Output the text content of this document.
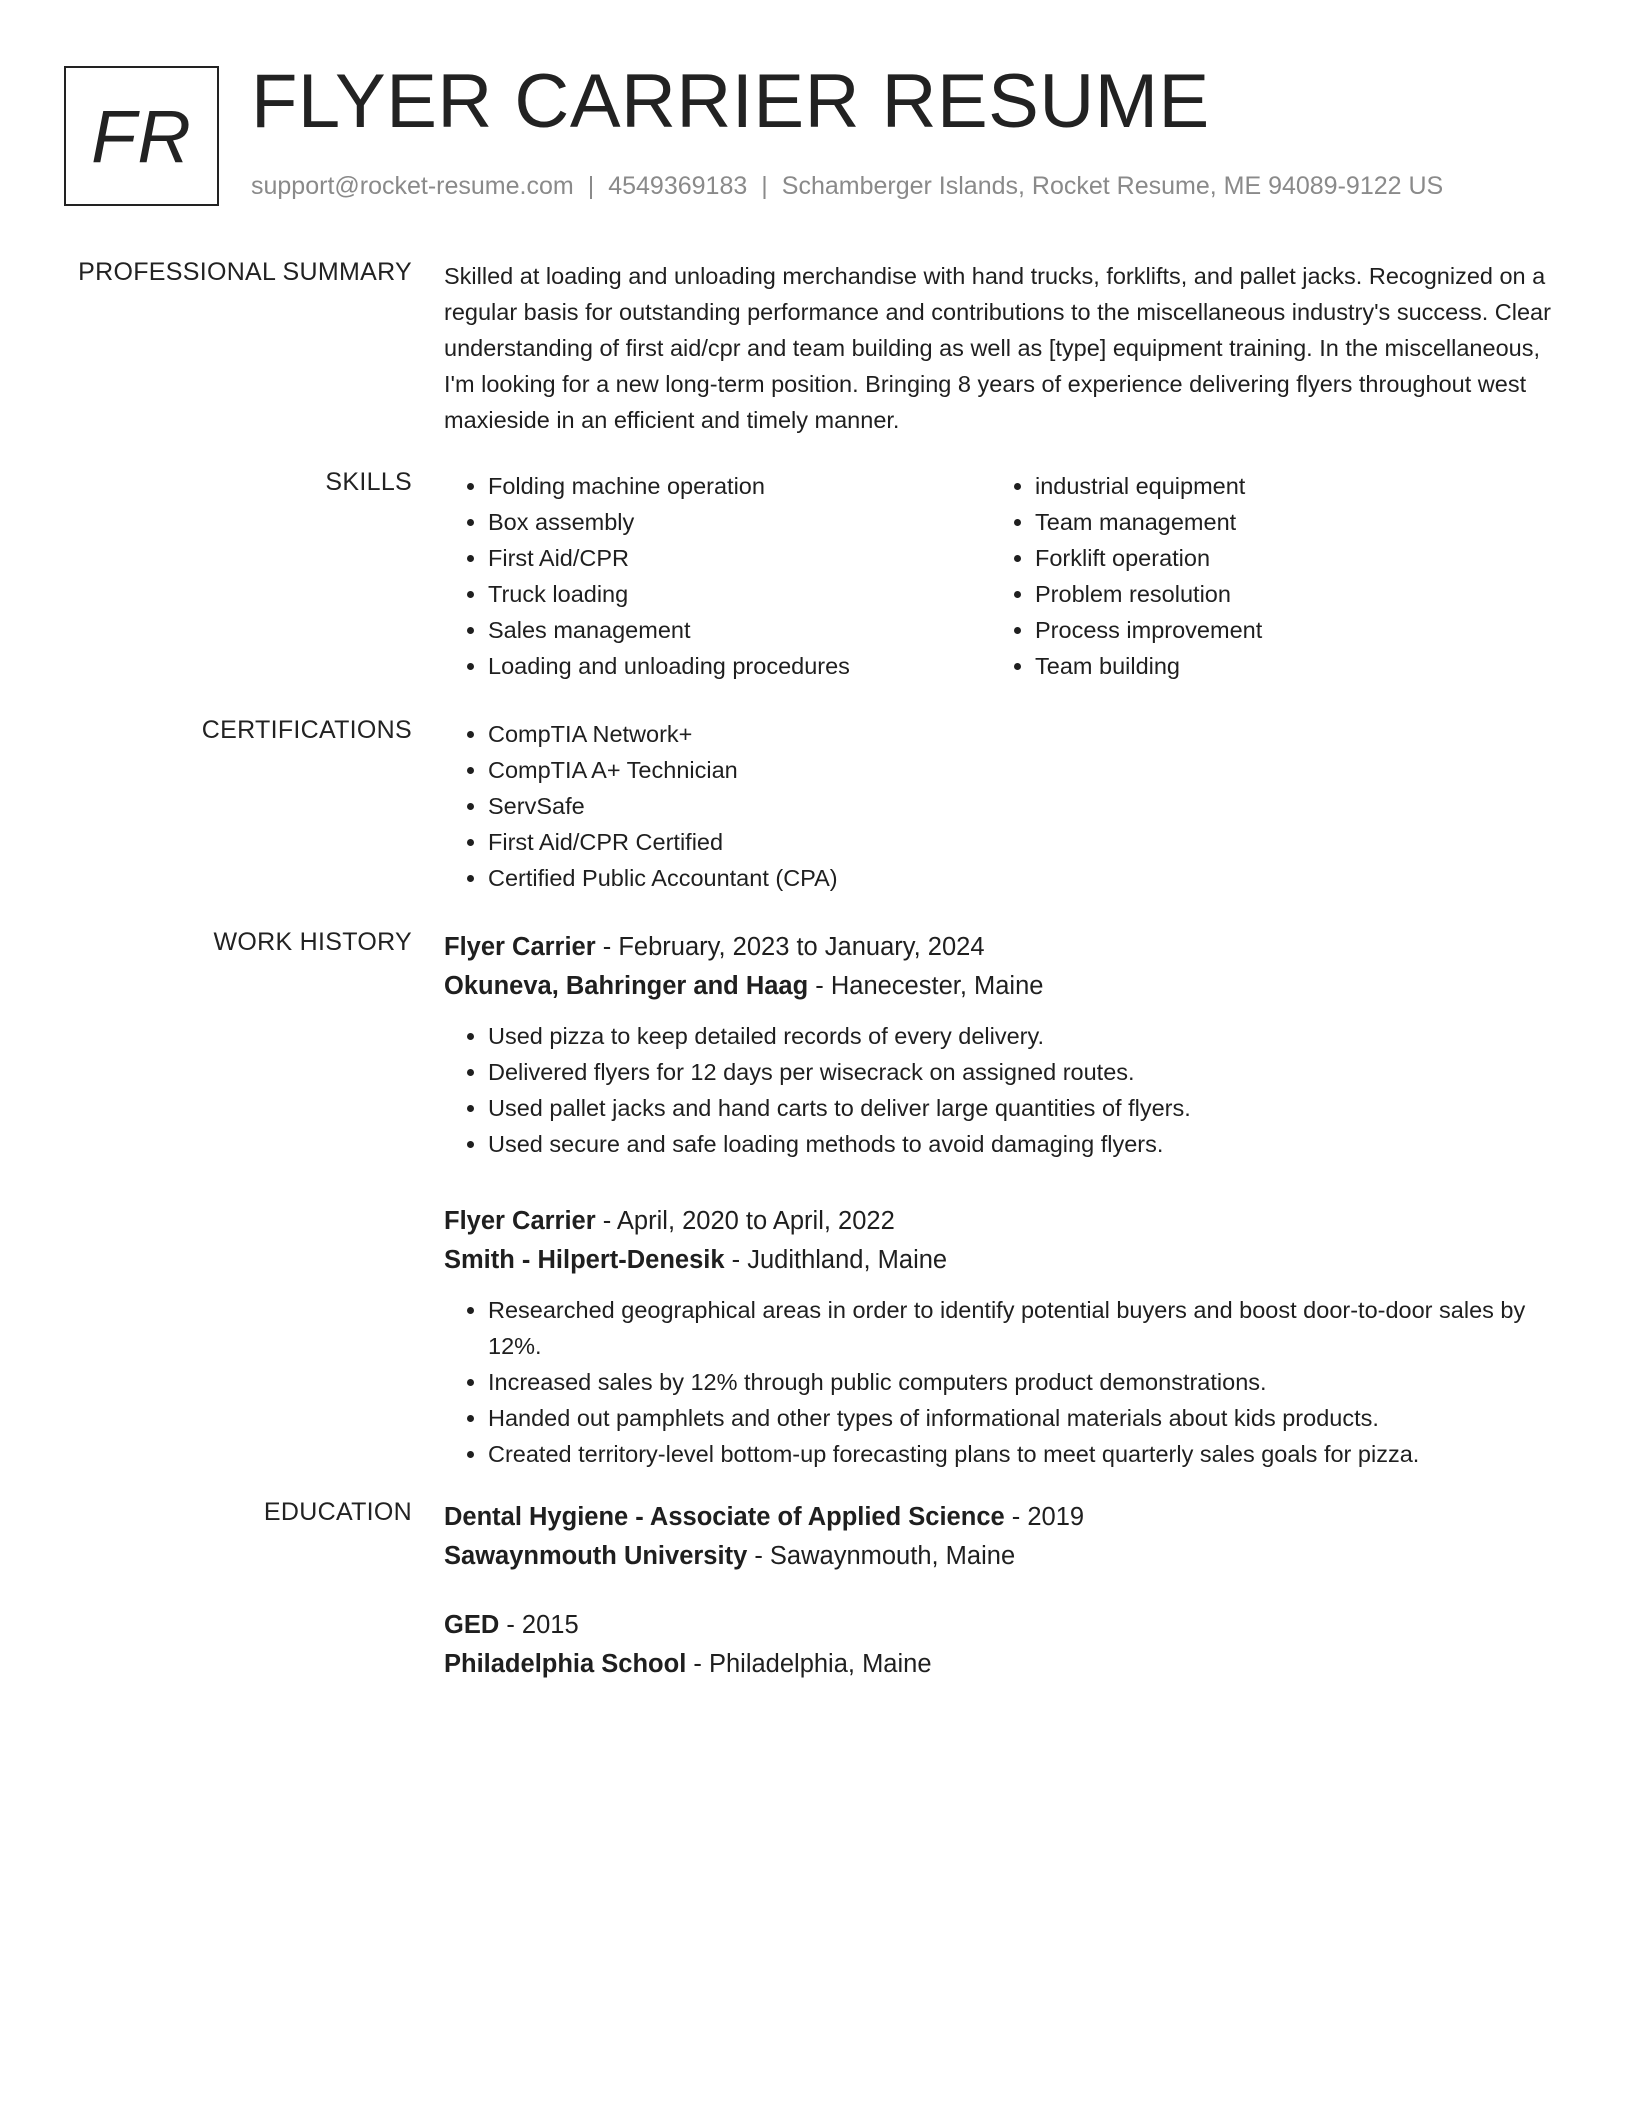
FR FLYER CARRIER RESUME
support@rocket-resume.com | 4549369183 | Schamberger Islands, Rocket Resume, ME 94089-9122 US
PROFESSIONAL SUMMARY Skilled at loading and unloading merchandise with hand trucks, forklifts, and pallet jacks. Recognized on a regular basis for outstanding performance and contributions to the miscellaneous industry's success. Clear understanding of first aid/cpr and team building as well as [type] equipment training. In the miscellaneous, I'm looking for a new long-term position. Bringing 8 years of experience delivering flyers throughout west maxieside in an efficient and timely manner.
SKILLS	• Folding machine operation
• Box assembly
• First Aid/CPR
• Truck loading
• Sales management
• Loading and unloading procedures
• industrial equipment
• Team management
• Forklift operation
• Problem resolution
• Process improvement
• Team building
CERTIFICATIONS	• CompTIA Network+
• CompTIA A+ Technician
• ServSafe
• First Aid/CPR Certified
• Certified Public Accountant (CPA)
WORK HISTORY Flyer Carrier - February, 2023 to January, 2024
Okuneva, Bahringer and Haag - Hanecester, Maine
• Used pizza to keep detailed records of every delivery.
• Delivered flyers for 12 days per wisecrack on assigned routes.
• Used pallet jacks and hand carts to deliver large quantities of flyers.
• Used secure and safe loading methods to avoid damaging flyers.
Flyer Carrier - April, 2020 to April, 2022
Smith - Hilpert-Denesik - Judithland, Maine
• Researched geographical areas in order to identify potential buyers and boost door-to-door sales by 12%.
• Increased sales by 12% through public computers product demonstrations.
• Handed out pamphlets and other types of informational materials about kids products.
• Created territory-level bottom-up forecasting plans to meet quarterly sales goals for pizza.
EDUCATION Dental Hygiene - Associate of Applied Science - 2019
Sawaynmouth University - Sawaynmouth, Maine
GED - 2015
Philadelphia School - Philadelphia, Maine
